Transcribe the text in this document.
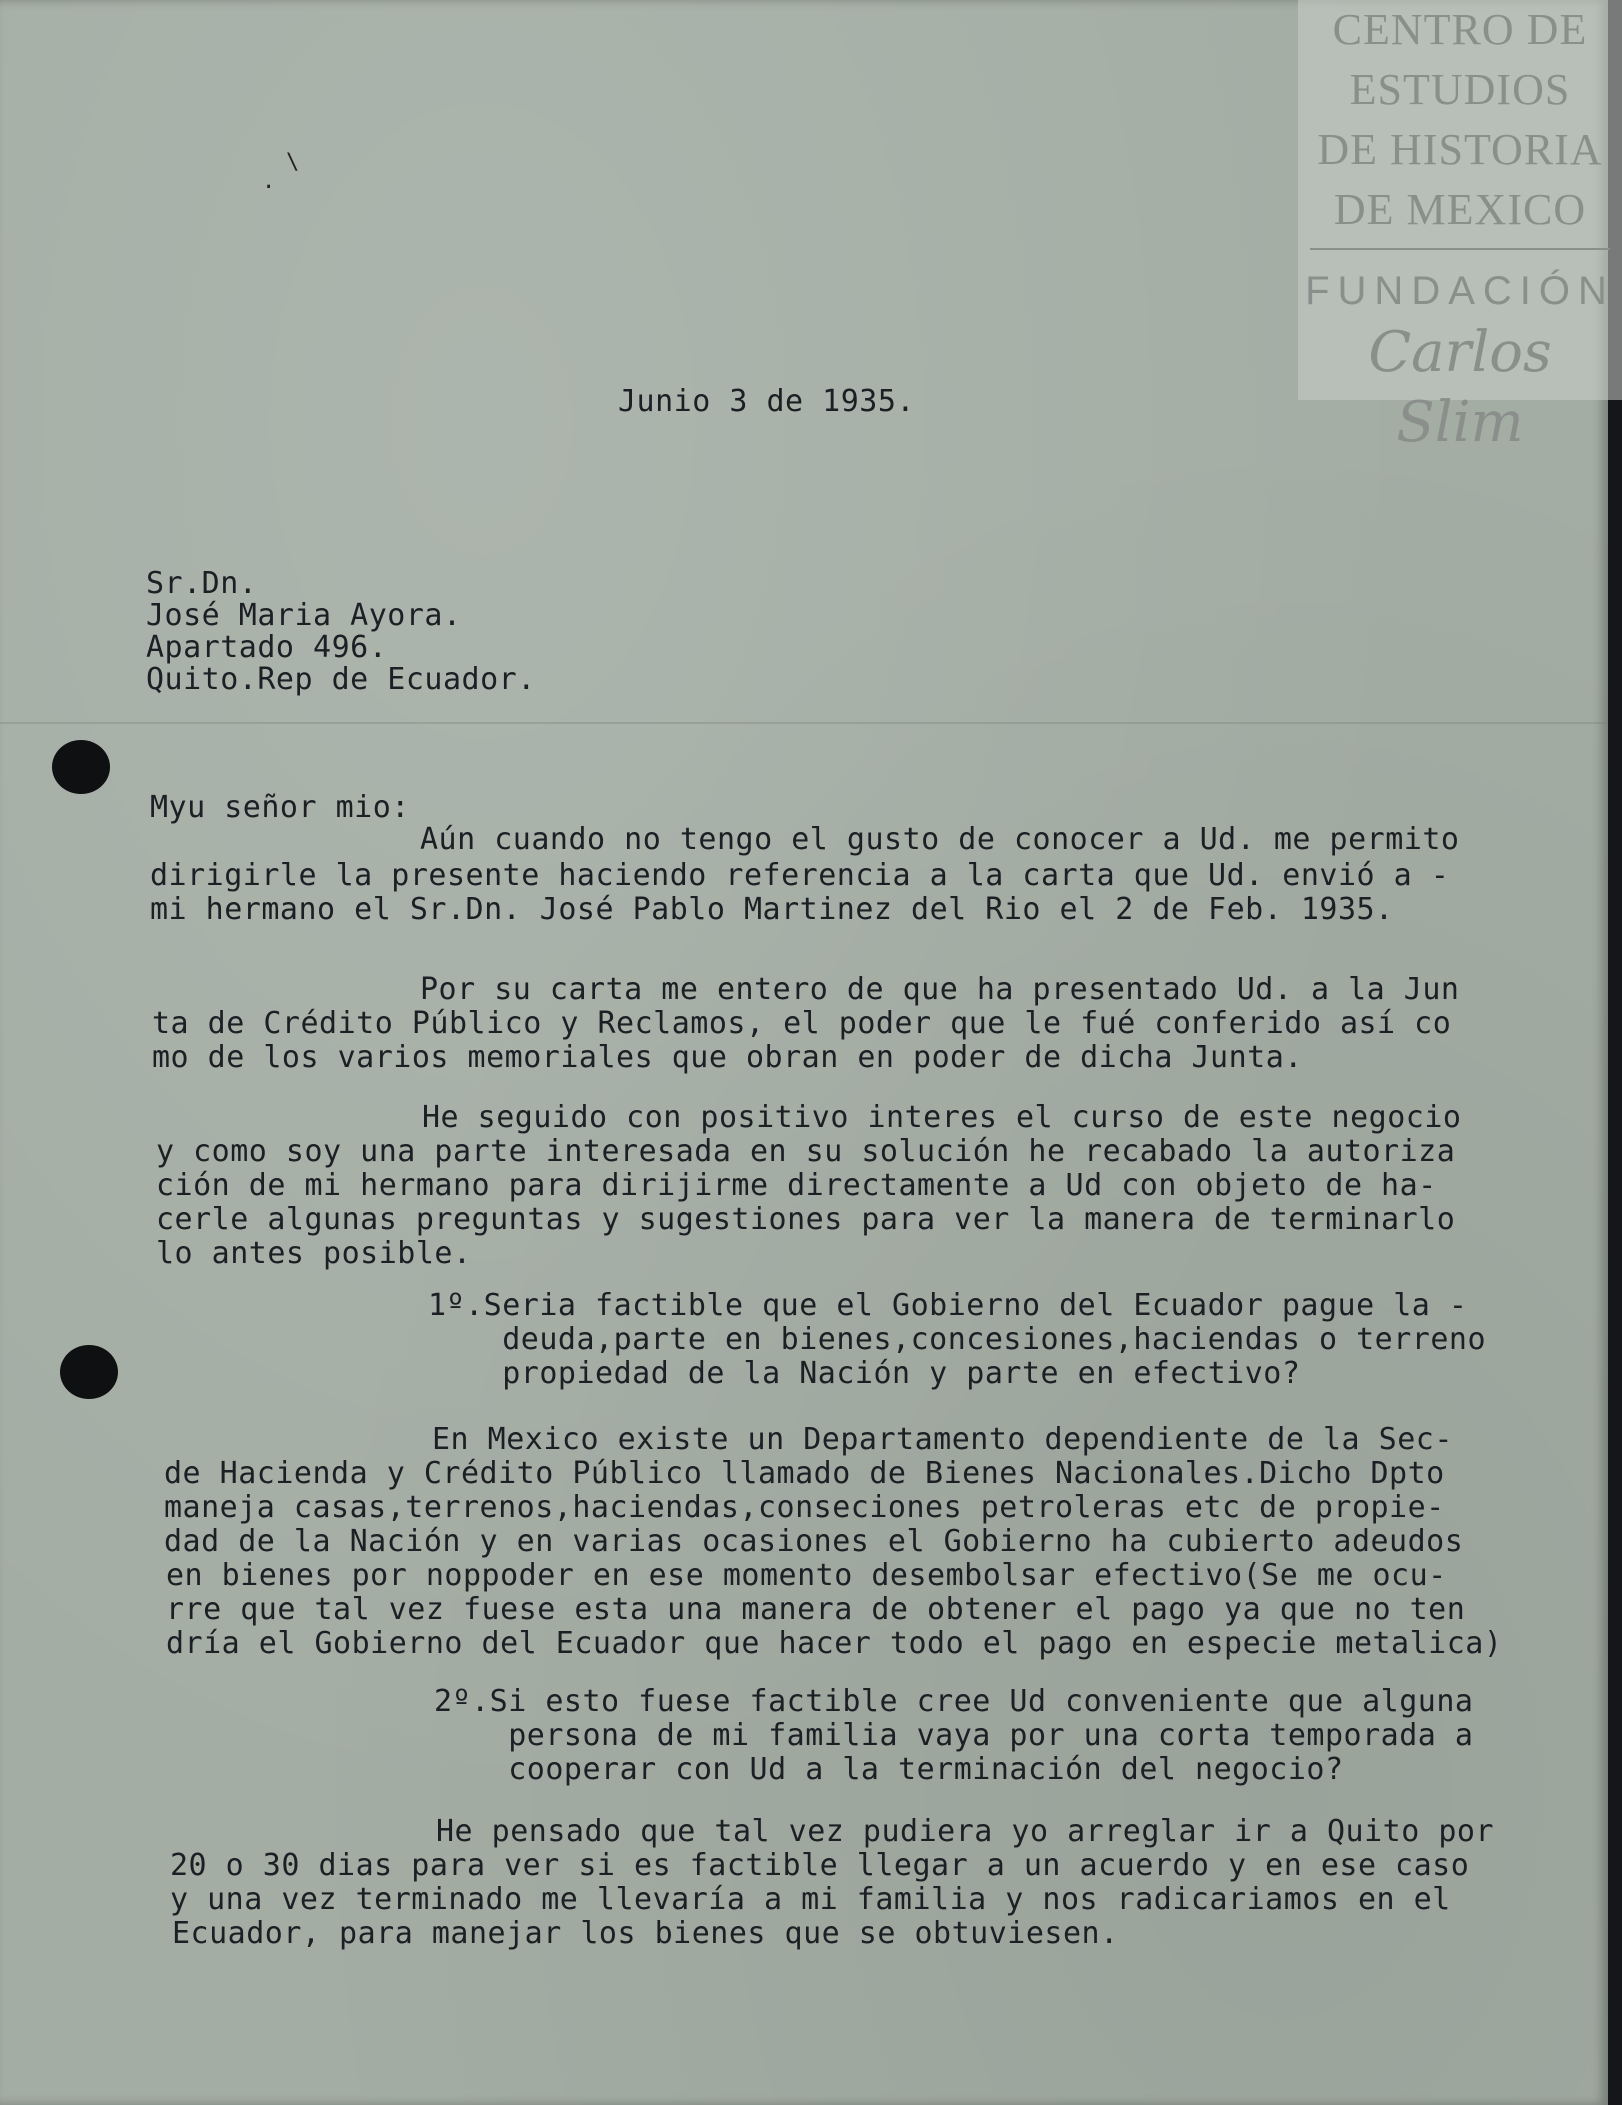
·
\
Junio 3 de 1935.
Sr.Dn.
José Maria Ayora.
Apartado 496.
Quito.Rep de Ecuador.
Myu señor mio:
Aún cuando no tengo el gusto de conocer a Ud. me permito
dirigirle la presente haciendo referencia a la carta que Ud. envió a -
mi hermano el Sr.Dn. José Pablo Martinez del Rio el 2 de Feb. 1935.
Por su carta me entero de que ha presentado Ud. a la Jun
ta de Crédito Público y Reclamos, el poder que le fué conferido así co
mo de los varios memoriales que obran en poder de dicha Junta.
He seguido con positivo interes el curso de este negocio
y como soy una parte interesada en su solución he recabado la autoriza
ción de mi hermano para dirijirme directamente a Ud con objeto de ha-
cerle algunas preguntas y sugestiones para ver la manera de terminarlo
lo antes posible.
1º.Seria factible que el Gobierno del Ecuador pague la -
deuda,parte en bienes,concesiones,haciendas o terreno
propiedad de la Nación y parte en efectivo?
En Mexico existe un Departamento dependiente de la Sec-
de Hacienda y Crédito Público llamado de Bienes Nacionales.Dicho Dpto
maneja casas,terrenos,haciendas,conseciones petroleras etc de propie-
dad de la Nación y en varias ocasiones el Gobierno ha cubierto adeudos
en bienes por noppoder en ese momento desembolsar efectivo(Se me ocu-
rre que tal vez fuese esta una manera de obtener el pago ya que no ten
dría el Gobierno del Ecuador que hacer todo el pago en especie metalica)
2º.Si esto fuese factible cree Ud conveniente que alguna
persona de mi familia vaya por una corta temporada a
cooperar con Ud a la terminación del negocio?
He pensado que tal vez pudiera yo arreglar ir a Quito por
20 o 30 dias para ver si es factible llegar a un acuerdo y en ese caso
y una vez terminado me llevaría a mi familia y nos radicariamos en el
Ecuador, para manejar los bienes que se obtuviesen.
CENTRO DE
ESTUDIOS
DE HISTORIA
DE MEXICO
FUNDACIÓN
Carlos Slim
